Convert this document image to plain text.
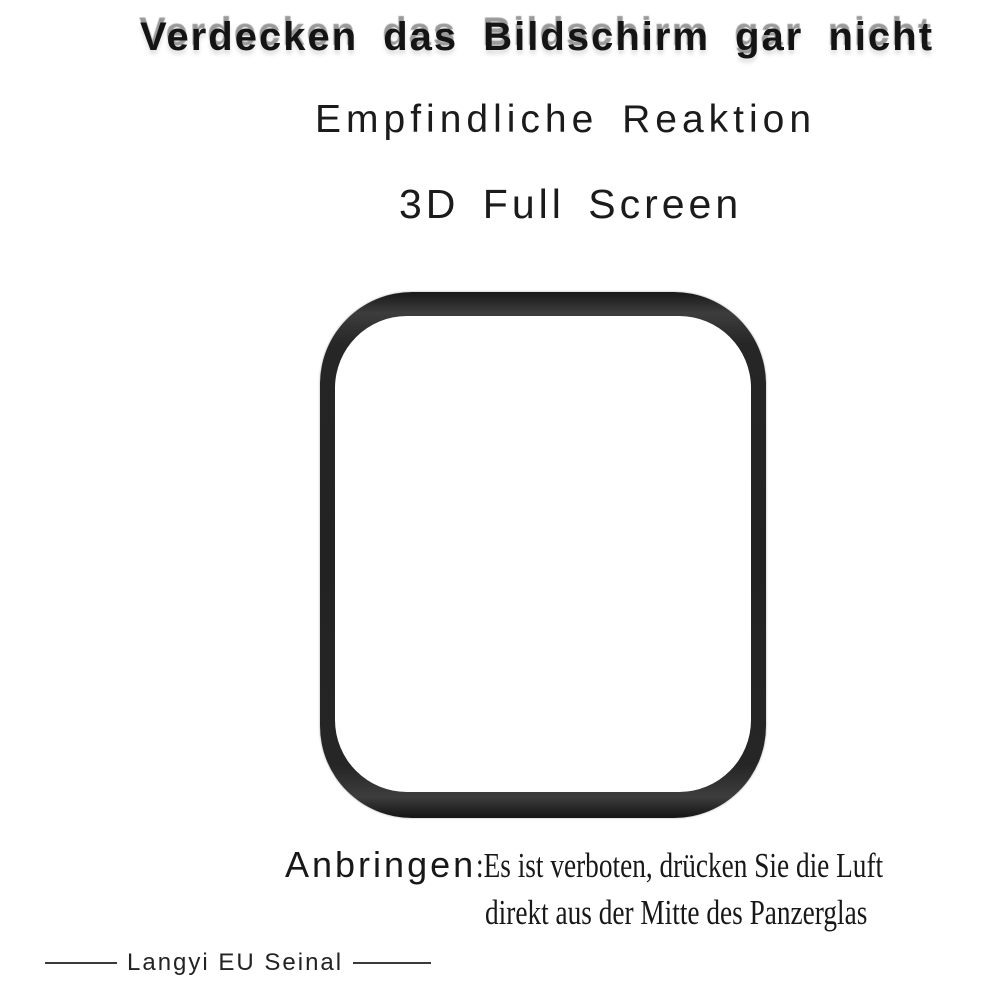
Verdecken das Bildschirm gar nicht
Empfindliche Reaktion
3D Full Screen
Anbringen:Es ist verboten, drücken Sie die Luft
direkt aus der Mitte des Panzerglas
Langyi EU Seinal
